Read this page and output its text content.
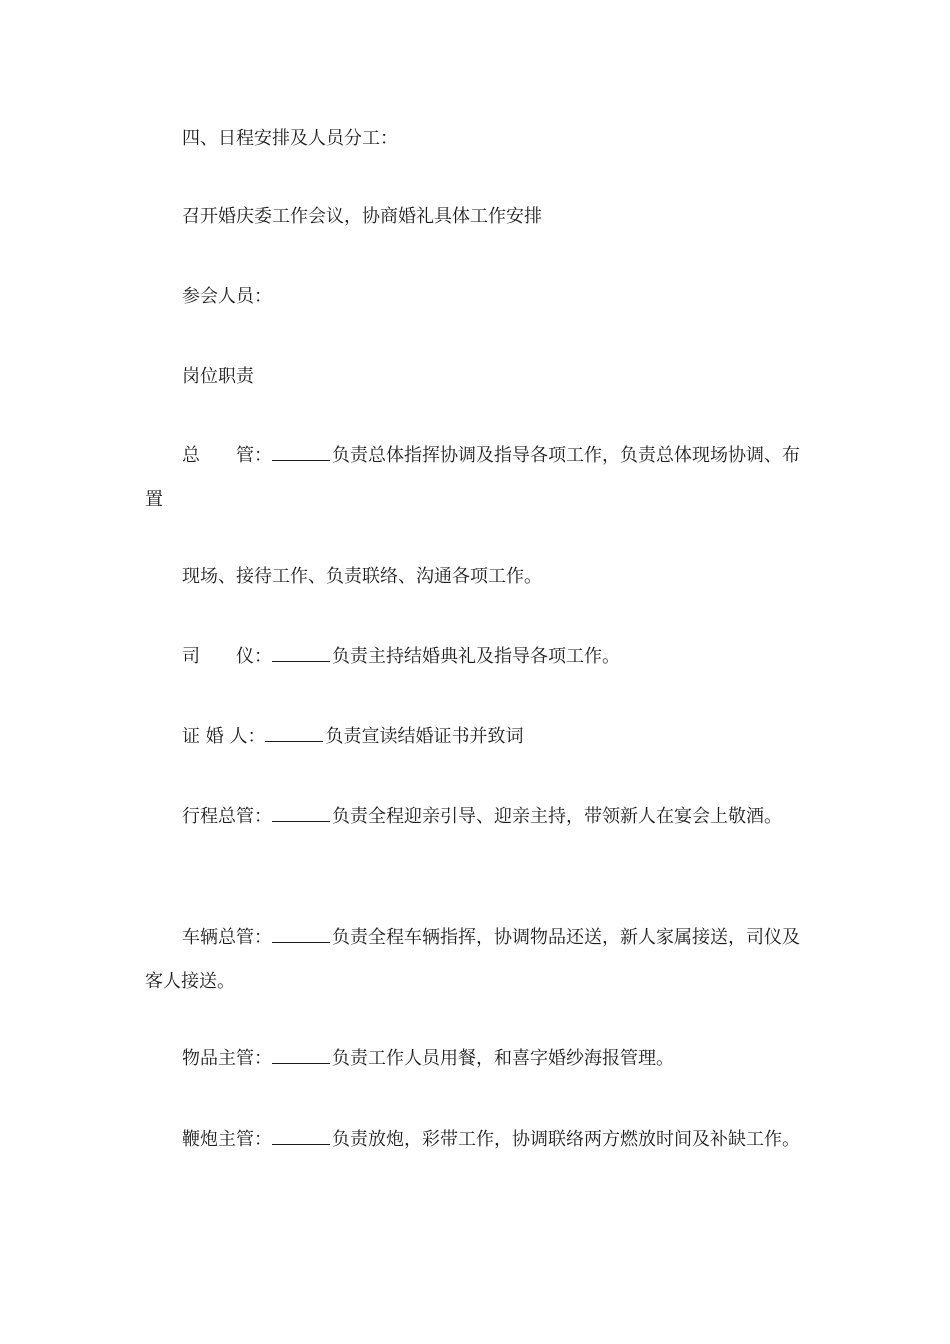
四、日程安排及人员分工：
召开婚庆委工作会议，协商婚礼具体工作安排
参会人员：
岗位职责
总　　管：	负责总体指挥协调及指导各项工作，负责总体现场协调、布置
现场、接待工作、负责联络、沟通各项工作。
司　　仪：	负责主持结婚典礼及指导各项工作。
证 婚 人：	负责宣读结婚证书并致词
行程总管：	负责全程迎亲引导、迎亲主持，带领新人在宴会上敬酒。
车辆总管：	负责全程车辆指挥，协调物品还送，新人家属接送，司仪及客人接送。
物品主管：	负责工作人员用餐，和喜字婚纱海报管理。
鞭炮主管：	负责放炮，彩带工作，协调联络两方燃放时间及补缺工作。
